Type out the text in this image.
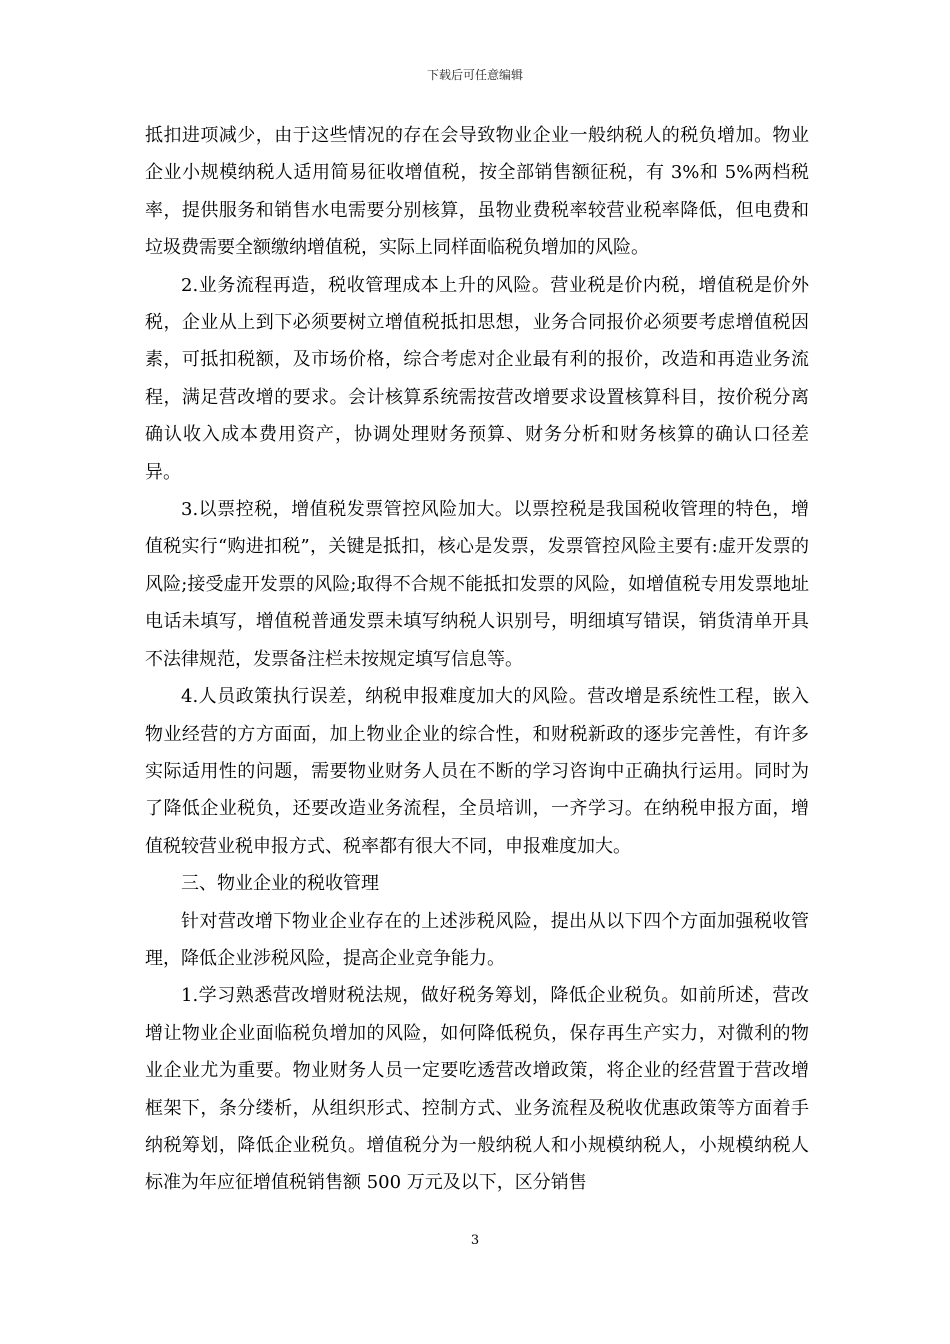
下载后可任意编辑

抵扣进项减少，由于这些情况的存在会导致物业企业一般纳税人的税负增加。物业企业小规模纳税人适用简易征收增值税，按全部销售额征税，有 3%和 5%两档税率，提供服务和销售水电需要分别核算，虽物业费税率较营业税率降低，但电费和垃圾费需要全额缴纳增值税，实际上同样面临税负增加的风险。

2.业务流程再造，税收管理成本上升的风险。营业税是价内税，增值税是价外税，企业从上到下必须要树立增值税抵扣思想，业务合同报价必须要考虑增值税因素，可抵扣税额，及市场价格，综合考虑对企业最有利的报价，改造和再造业务流程，满足营改增的要求。会计核算系统需按营改增要求设置核算科目，按价税分离确认收入成本费用资产，协调处理财务预算、财务分析和财务核算的确认口径差异。

3.以票控税，增值税发票管控风险加大。以票控税是我国税收管理的特色，增值税实行“购进扣税”，关键是抵扣，核心是发票，发票管控风险主要有:虚开发票的风险;接受虚开发票的风险;取得不合规不能抵扣发票的风险，如增值税专用发票地址电话未填写，增值税普通发票未填写纳税人识别号，明细填写错误，销货清单开具不法律规范，发票备注栏未按规定填写信息等。

4.人员政策执行误差，纳税申报难度加大的风险。营改增是系统性工程，嵌入物业经营的方方面面，加上物业企业的综合性，和财税新政的逐步完善性，有许多实际适用性的问题，需要物业财务人员在不断的学习咨询中正确执行运用。同时为了降低企业税负，还要改造业务流程，全员培训，一齐学习。在纳税申报方面，增值税较营业税申报方式、税率都有很大不同，申报难度加大。

三、物业企业的税收管理

针对营改增下物业企业存在的上述涉税风险，提出从以下四个方面加强税收管理，降低企业涉税风险，提高企业竞争能力。

1.学习熟悉营改增财税法规，做好税务筹划，降低企业税负。如前所述，营改增让物业企业面临税负增加的风险，如何降低税负，保存再生产实力，对微利的物业企业尤为重要。物业财务人员一定要吃透营改增政策，将企业的经营置于营改增框架下，条分缕析，从组织形式、控制方式、业务流程及税收优惠政策等方面着手纳税筹划，降低企业税负。增值税分为一般纳税人和小规模纳税人，小规模纳税人标准为年应征增值税销售额 500 万元及以下，区分销售

3
